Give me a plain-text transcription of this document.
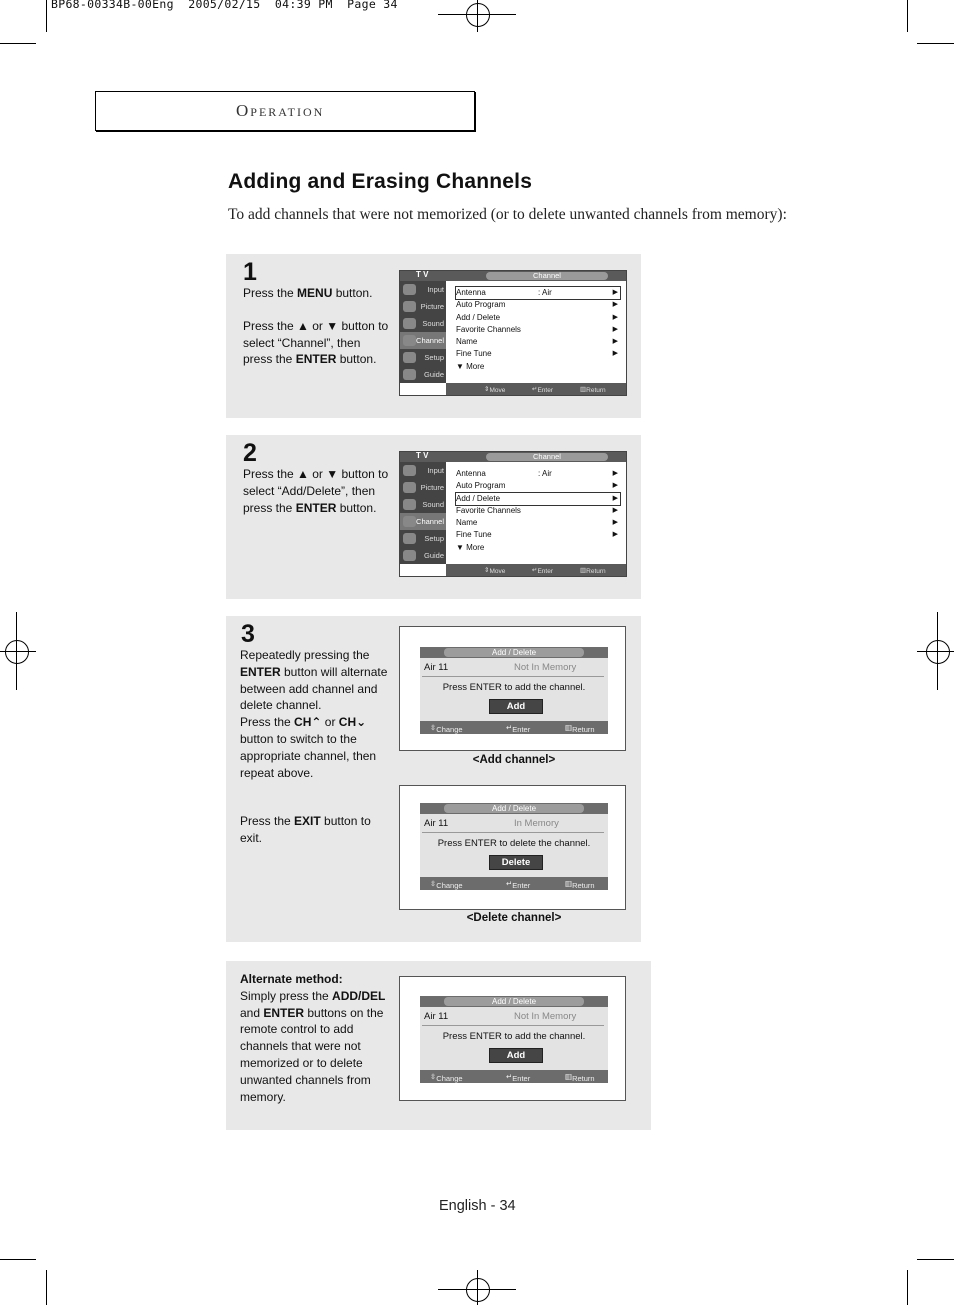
BP68-00334B-00Eng  2005/02/15  04:39 PM  Page 34
Operation
Adding and Erasing Channels
To add channels that were not memorized (or to delete unwanted channels from memory):
1

Press the MENU button.

Press the ▲ or ▼ button to select “Channel”, then press the ENTER button.

T V	Channel
Input
Picture
Sound
Channel
Setup
Guide
Antenna	: Air	▶
Auto Program	▶
Add / Delete	▶
Favorite Channels	▶
Name	▶
Fine Tune	▶
▼ More
⇕ Move	↵ Enter	▥ Return
2

Press the ▲ or ▼ button to select “Add/Delete”, then press the ENTER button.

T V	Channel
Input
Picture
Sound
Channel
Setup
Guide
Antenna	: Air	▶
Auto Program	▶
Add / Delete	▶
Favorite Channels	▶
Name	▶
Fine Tune	▶
▼ More
⇕ Move	↵ Enter	▥ Return
3

Repeatedly pressing the ENTER button will alternate between add channel and delete channel.

Press the CH⌃ or CH⌄ button to switch to the appropriate channel, then repeat above.

Press the EXIT button to exit.

Add / Delete
Air 11	Not In Memory
Press ENTER to add the channel.
Add
⇳ Change	↵ Enter	▥ Return
<Add channel>
Add / Delete
Air 11	In Memory
Press ENTER to delete the channel.
Delete
⇳ Change	↵ Enter	▥ Return
<Delete channel>

Alternate method:

Simply press the ADD/DEL and ENTER buttons on the remote control to add channels that were not memorized or to delete unwanted channels from memory.

Add / Delete
Air 11	Not In Memory
Press ENTER to add the channel.
Add
⇳ Change	↵ Enter	▥ Return
English - 34
